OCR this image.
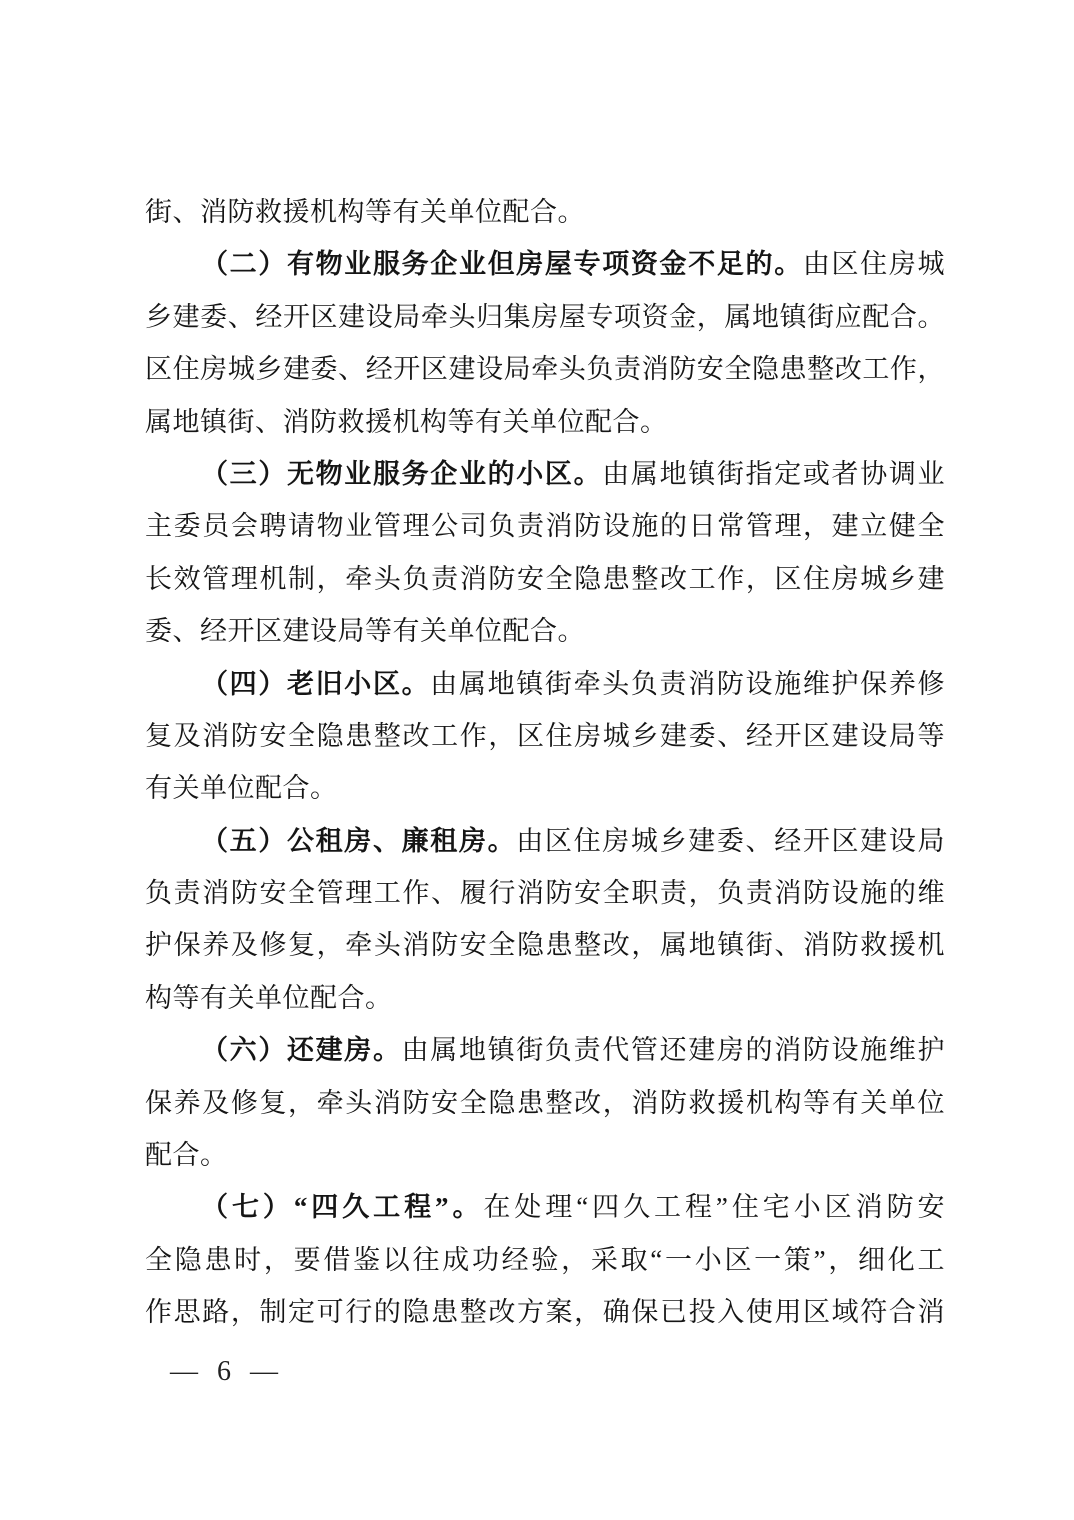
街、消防救援机构等有关单位配合。
（二）有物业服务企业但房屋专项资金不足的。由区住房城
乡建委、经开区建设局牵头归集房屋专项资金，属地镇街应配合。
区住房城乡建委、经开区建设局牵头负责消防安全隐患整改工作，
属地镇街、消防救援机构等有关单位配合。
（三）无物业服务企业的小区。由属地镇街指定或者协调业
主委员会聘请物业管理公司负责消防设施的日常管理，建立健全
长效管理机制，牵头负责消防安全隐患整改工作，区住房城乡建
委、经开区建设局等有关单位配合。
（四）老旧小区。由属地镇街牵头负责消防设施维护保养修
复及消防安全隐患整改工作，区住房城乡建委、经开区建设局等
有关单位配合。
（五）公租房、廉租房。由区住房城乡建委、经开区建设局
负责消防安全管理工作、履行消防安全职责，负责消防设施的维
护保养及修复，牵头消防安全隐患整改，属地镇街、消防救援机
构等有关单位配合。
（六）还建房。由属地镇街负责代管还建房的消防设施维护
保养及修复，牵头消防安全隐患整改，消防救援机构等有关单位
配合。
（七）“四久工程”。在处理“四久工程”住宅小区消防安
全隐患时，要借鉴以往成功经验，采取“一小区一策”，细化工
作思路，制定可行的隐患整改方案，确保已投入使用区域符合消
— 6 —
